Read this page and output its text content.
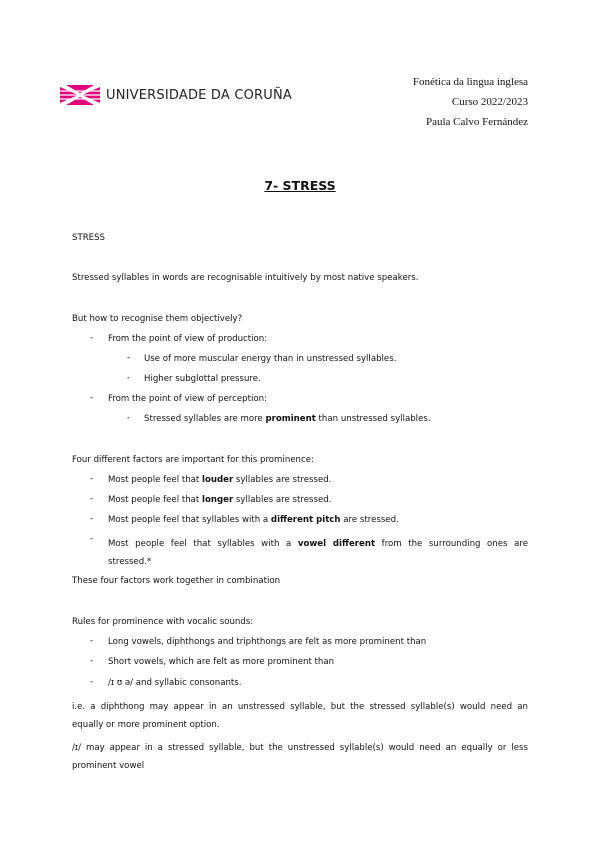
UNIVERSIDADE DA CORUÑA
Fonética da lingua inglesa
Curso 2022/2023
Paula Calvo Fernández
7- STRESS
STRESS
Stressed syllables in words are recognisable intuitively by most native speakers.
But how to recognise them objectively?
- From the point of view of production:
- Use of more muscular energy than in unstressed syllables.
- Higher subglottal pressure.
- From the point of view of perception:
- Stressed syllables are more prominent than unstressed syllables.
Four different factors are important for this prominence:
- Most people feel that louder syllables are stressed.
- Most people feel that longer syllables are stressed.
- Most people feel that syllables with a different pitch are stressed.
- Most people feel that syllables with a vowel different from the surrounding ones are
stressed.*
These four factors work together in combination
Rules for prominence with vocalic sounds:
- Long vowels, diphthongs and triphthongs are felt as more prominent than
- Short vowels, which are felt as more prominent than
- /ɪ ʊ ə/ and syllabic consonants.
i.e. a diphthong may appear in an unstressed syllable, but the stressed syllable(s) would need an
equally or more prominent option.
/ɪ/ may appear in a stressed syllable, but the unstressed syllable(s) would need an equally or less
prominent vowel
